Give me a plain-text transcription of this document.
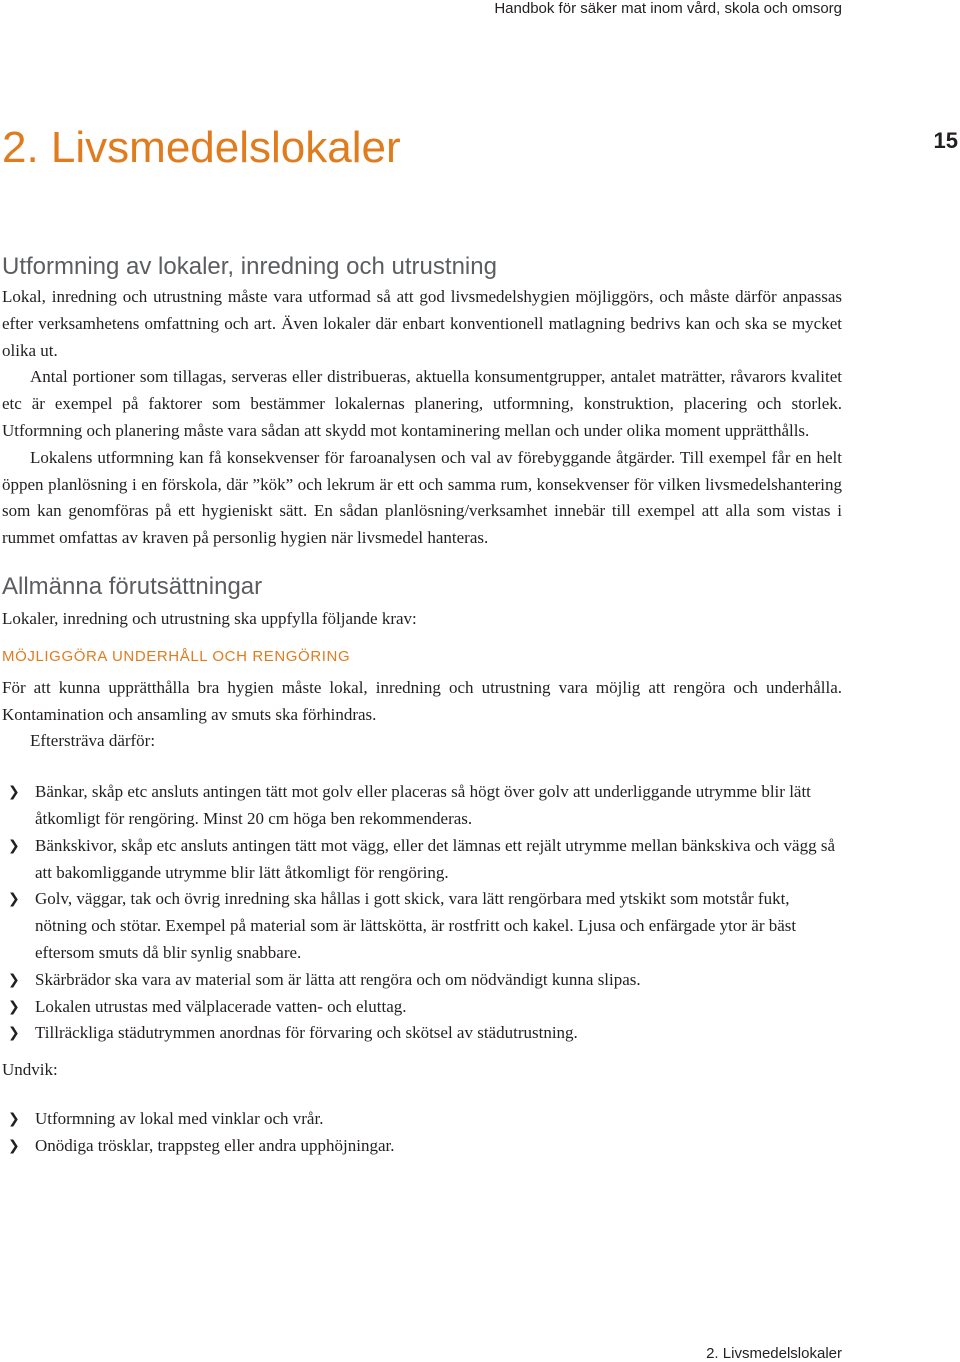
Handbok för säker mat inom vård, skola och omsorg
2. Livsmedelslokaler	15
Utformning av lokaler, inredning och utrustning

Lokal, inredning och utrustning måste vara utformad så att god livsmedelshygien möjliggörs, och måste därför anpassas efter verksamhetens omfattning och art. Även lokaler där enbart konventionell matlagning bedrivs kan och ska se mycket olika ut.

Antal portioner som tillagas, serveras eller distribueras, aktuella konsumentgrupper, antalet maträtter, råvarors kvalitet etc är exempel på faktorer som bestämmer lokalernas planering, utformning, konstruktion, placering och storlek. Utformning och planering måste vara sådan att skydd mot kontaminering mellan och under olika moment upprätthålls.

Lokalens utformning kan få konsekvenser för faroanalysen och val av förebyggande åtgärder. Till exempel får en helt öppen planlösning i en förskola, där ”kök” och lekrum är ett och samma rum, konsekvenser för vilken livsmedelshantering som kan genomföras på ett hygieniskt sätt. En sådan planlösning/verksamhet innebär till exempel att alla som vistas i rummet omfattas av kraven på personlig hygien när livsmedel hanteras.

Allmänna förutsättningar

Lokaler, inredning och utrustning ska uppfylla följande krav:

MÖJLIGGÖRA UNDERHÅLL OCH RENGÖRING

För att kunna upprätthålla bra hygien måste lokal, inredning och utrustning vara möjlig att rengöra och underhålla. Kontamination och ansamling av smuts ska förhindras.

Eftersträva därför:

❯ Bänkar, skåp etc ansluts antingen tätt mot golv eller placeras så högt över golv att underliggande utrymme blir lätt åtkomligt för rengöring. Minst 20 cm höga ben rekommenderas.
❯ Bänkskivor, skåp etc ansluts antingen tätt mot vägg, eller det lämnas ett rejält utrymme mellan bänkskiva och vägg så att bakomliggande utrymme blir lätt åtkomligt för rengöring.
❯ Golv, väggar, tak och övrig inredning ska hållas i gott skick, vara lätt rengörbara med ytskikt som motstår fukt, nötning och stötar. Exempel på material som är lättskötta, är rostfritt och kakel. Ljusa och enfärgade ytor är bäst eftersom smuts då blir synlig snabbare.
❯ Skärbrädor ska vara av material som är lätta att rengöra och om nödvändigt kunna slipas.
❯ Lokalen utrustas med välplacerade vatten- och eluttag.
❯ Tillräckliga städutrymmen anordnas för förvaring och skötsel av städutrustning.

Undvik:

❯ Utformning av lokal med vinklar och vrår.
❯ Onödiga trösklar, trappsteg eller andra upphöjningar.
2. Livsmedelslokaler
